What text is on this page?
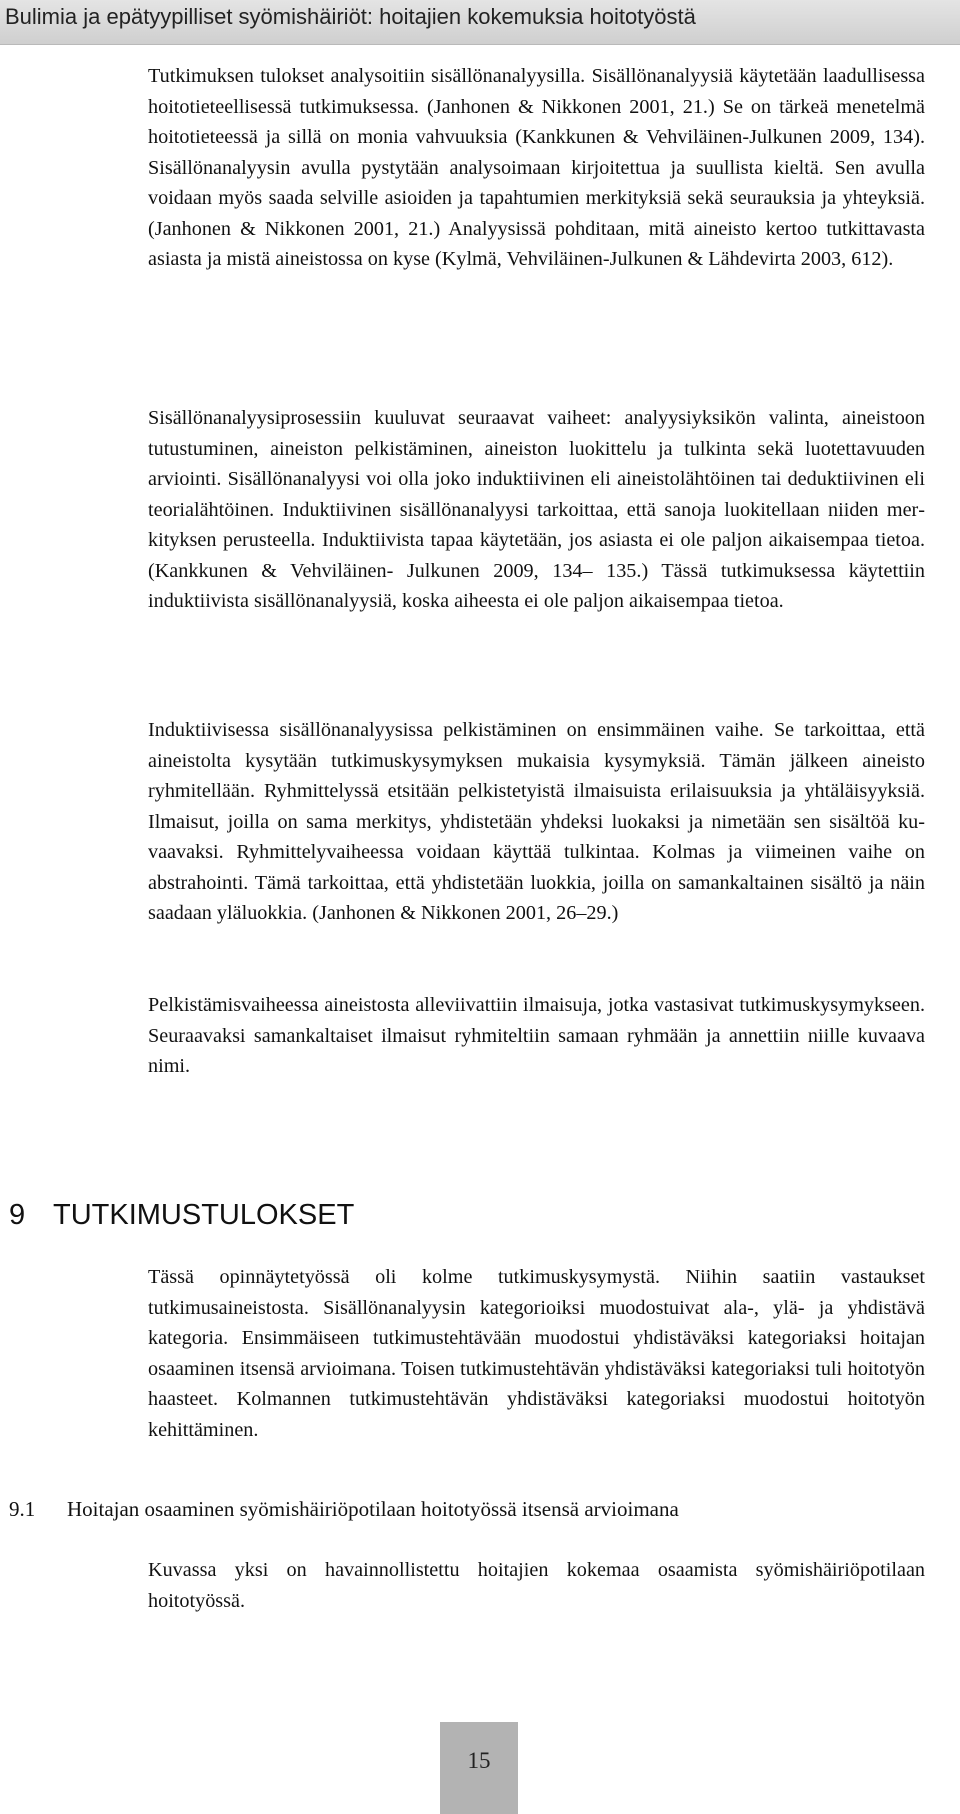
Bulimia ja epätyypilliset syömishäiriöt: hoitajien kokemuksia hoitotyöstä

Tutkimuksen tulokset analysoitiin sisällönanalyysilla. Sisällönanalyysiä käytetään laadullisessa hoitotieteellisessä tutkimuksessa. (Janhonen & Nikkonen 2001, 21.) Se on tärkeä menetelmä hoitotieteessä ja sillä on monia vahvuuksia (Kankkunen & Vehviläinen-Julkunen 2009, 134). Sisällönanalyysin avulla pystytään analysoimaan kirjoitettua ja suullista kieltä. Sen avulla voidaan myös saada selville asioiden ja tapahtumien merkityksiä sekä seurauksia ja yhteyksiä. (Janhonen & Nikkonen 2001, 21.) Analyysissä pohditaan, mitä aineisto kertoo tutkittavasta asiasta ja mistä aineistossa on kyse (Kylmä, Vehviläinen-Julkunen & Lähdevirta 2003, 612).

Sisällönanalyysiprosessiin kuuluvat seuraavat vaiheet: analyysiyksikön valinta, aineistoon tutustuminen, aineiston pelkistäminen, aineiston luokittelu ja tulkinta sekä luotettavuuden arviointi. Sisällönanalyysi voi olla joko induktiivinen eli aineistolähtöinen tai deduktiivinen eli teorialähtöinen. Induktiivinen sisällönanalyysi tarkoittaa, että sanoja luokitellaan niiden merkityksen perusteella. Induktiivista tapaa käytetään, jos asiasta ei ole paljon aikaisempaa tietoa. (Kankkunen & Vehviläinen- Julkunen 2009, 134– 135.) Tässä tutkimuksessa käytettiin induktiivista sisällönanalyysiä, koska aiheesta ei ole paljon aikaisempaa tietoa.

Induktiivisessa sisällönanalyysissa pelkistäminen on ensimmäinen vaihe. Se tarkoittaa, että aineistolta kysytään tutkimuskysymyksen mukaisia kysymyksiä. Tämän jälkeen aineisto ryhmitellään. Ryhmittelyssä etsitään pelkistetyistä ilmaisuista erilaisuuksia ja yhtäläisyyksiä. Ilmaisut, joilla on sama merkitys, yhdistetään yhdeksi luokaksi ja nimetään sen sisältöä kuvaavaksi. Ryhmittelyvaiheessa voidaan käyttää tulkintaa. Kolmas ja viimeinen vaihe on abstrahointi. Tämä tarkoittaa, että yhdistetään luokkia, joilla on samankaltainen sisältö ja näin saadaan yläluokkia. (Janhonen & Nikkonen 2001, 26–29.)

Pelkistämisvaiheessa aineistosta alleviivattiin ilmaisuja, jotka vastasivat tutkimuskysymykseen. Seuraavaksi samankaltaiset ilmaisut ryhmiteltiin samaan ryhmään ja annettiin niille kuvaava nimi.

9 TUTKIMUSTULOKSET

Tässä opinnäytetyössä oli kolme tutkimuskysymystä. Niihin saatiin vastaukset tutkimusaineistosta. Sisällönanalyysin kategorioiksi muodostuivat ala-, ylä- ja yhdistävä kategoria. Ensimmäiseen tutkimustehtävään muodostui yhdistäväksi kategoriaksi hoitajan osaaminen itsensä arvioimana. Toisen tutkimustehtävän yhdistäväksi kategoriaksi tuli hoitotyön haasteet. Kolmannen tutkimustehtävän yhdistäväksi kategoriaksi muodostui hoitotyön kehittäminen.

9.1 Hoitajan osaaminen syömishäiriöpotilaan hoitotyössä itsensä arvioimana

Kuvassa yksi on havainnollistettu hoitajien kokemaa osaamista syömishäiriöpotilaan hoitotyössä.

15
